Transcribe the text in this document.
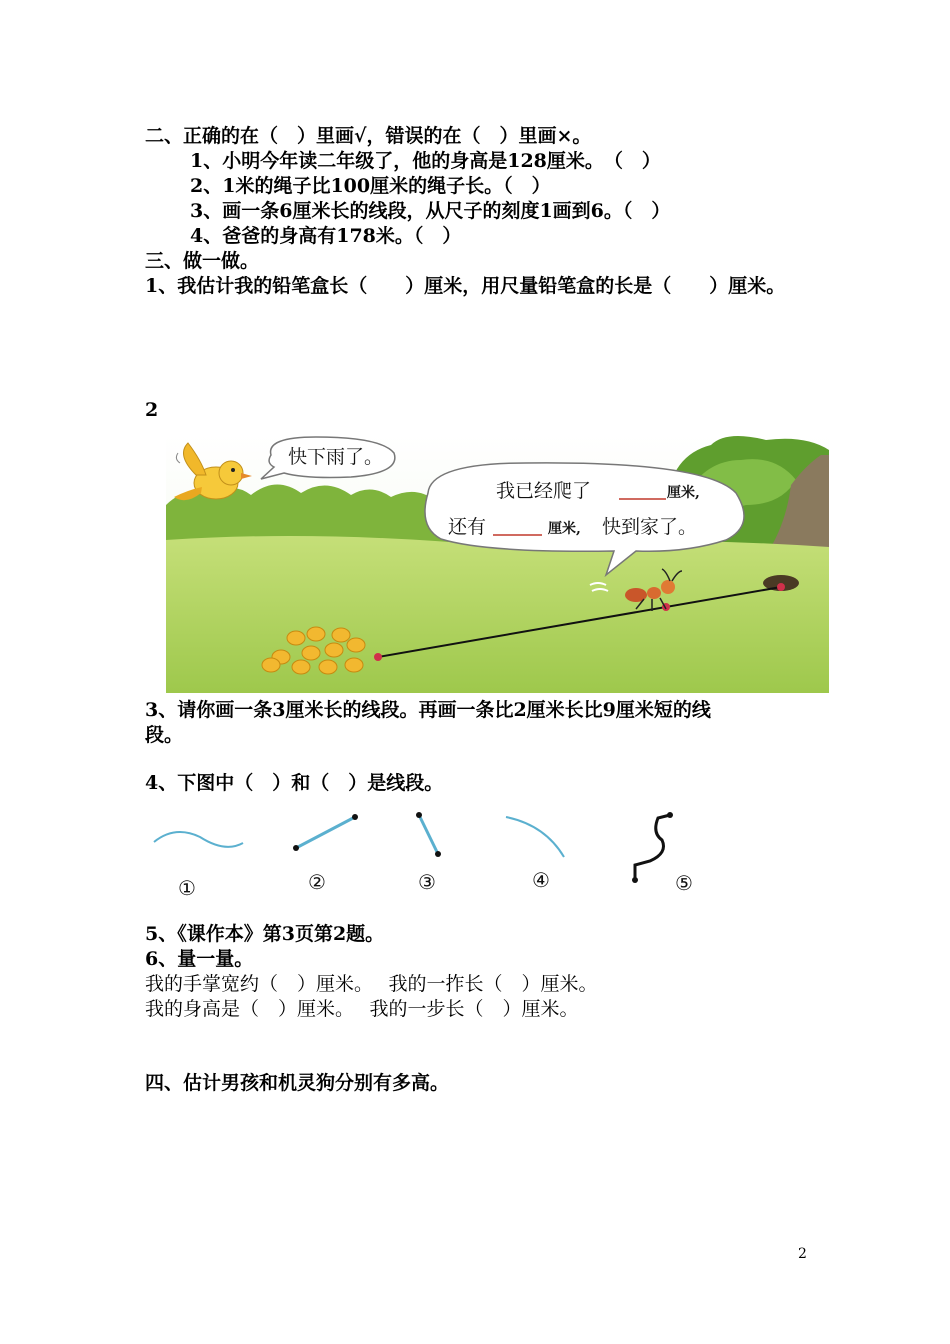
二、正确的在（　）里画√，错误的在（　）里画×。
1、小明今年读二年级了，他的身高是128厘米。　（　）
2、1米的绳子比100厘米的绳子长。（　）
3、画一条6厘米长的线段，从尺子的刻度1画到6。（　）
4、爸爸的身高有178米。（　）
三、做一做。
1、我估计我的铅笔盒长（　　）厘米，用尺量铅笔盒的长是（　　）厘米。
2
快下雨了。
我已经爬了	厘米,
还有	厘米, 快到家了。
3、请你画一条3厘米长的线段。再画一条比2厘米长比9厘米短的线
段。
4、下图中（　）和（　）是线段。
①	②	③	④	⑤
5、《课作本》第3页第2题。
6、量一量。
我的手掌宽约（　）厘米。　 我的一拃长（　）厘米。
我的身高是（　）厘米。　 我的一步长（　）厘米。
四、估计男孩和机灵狗分别有多高。
2
